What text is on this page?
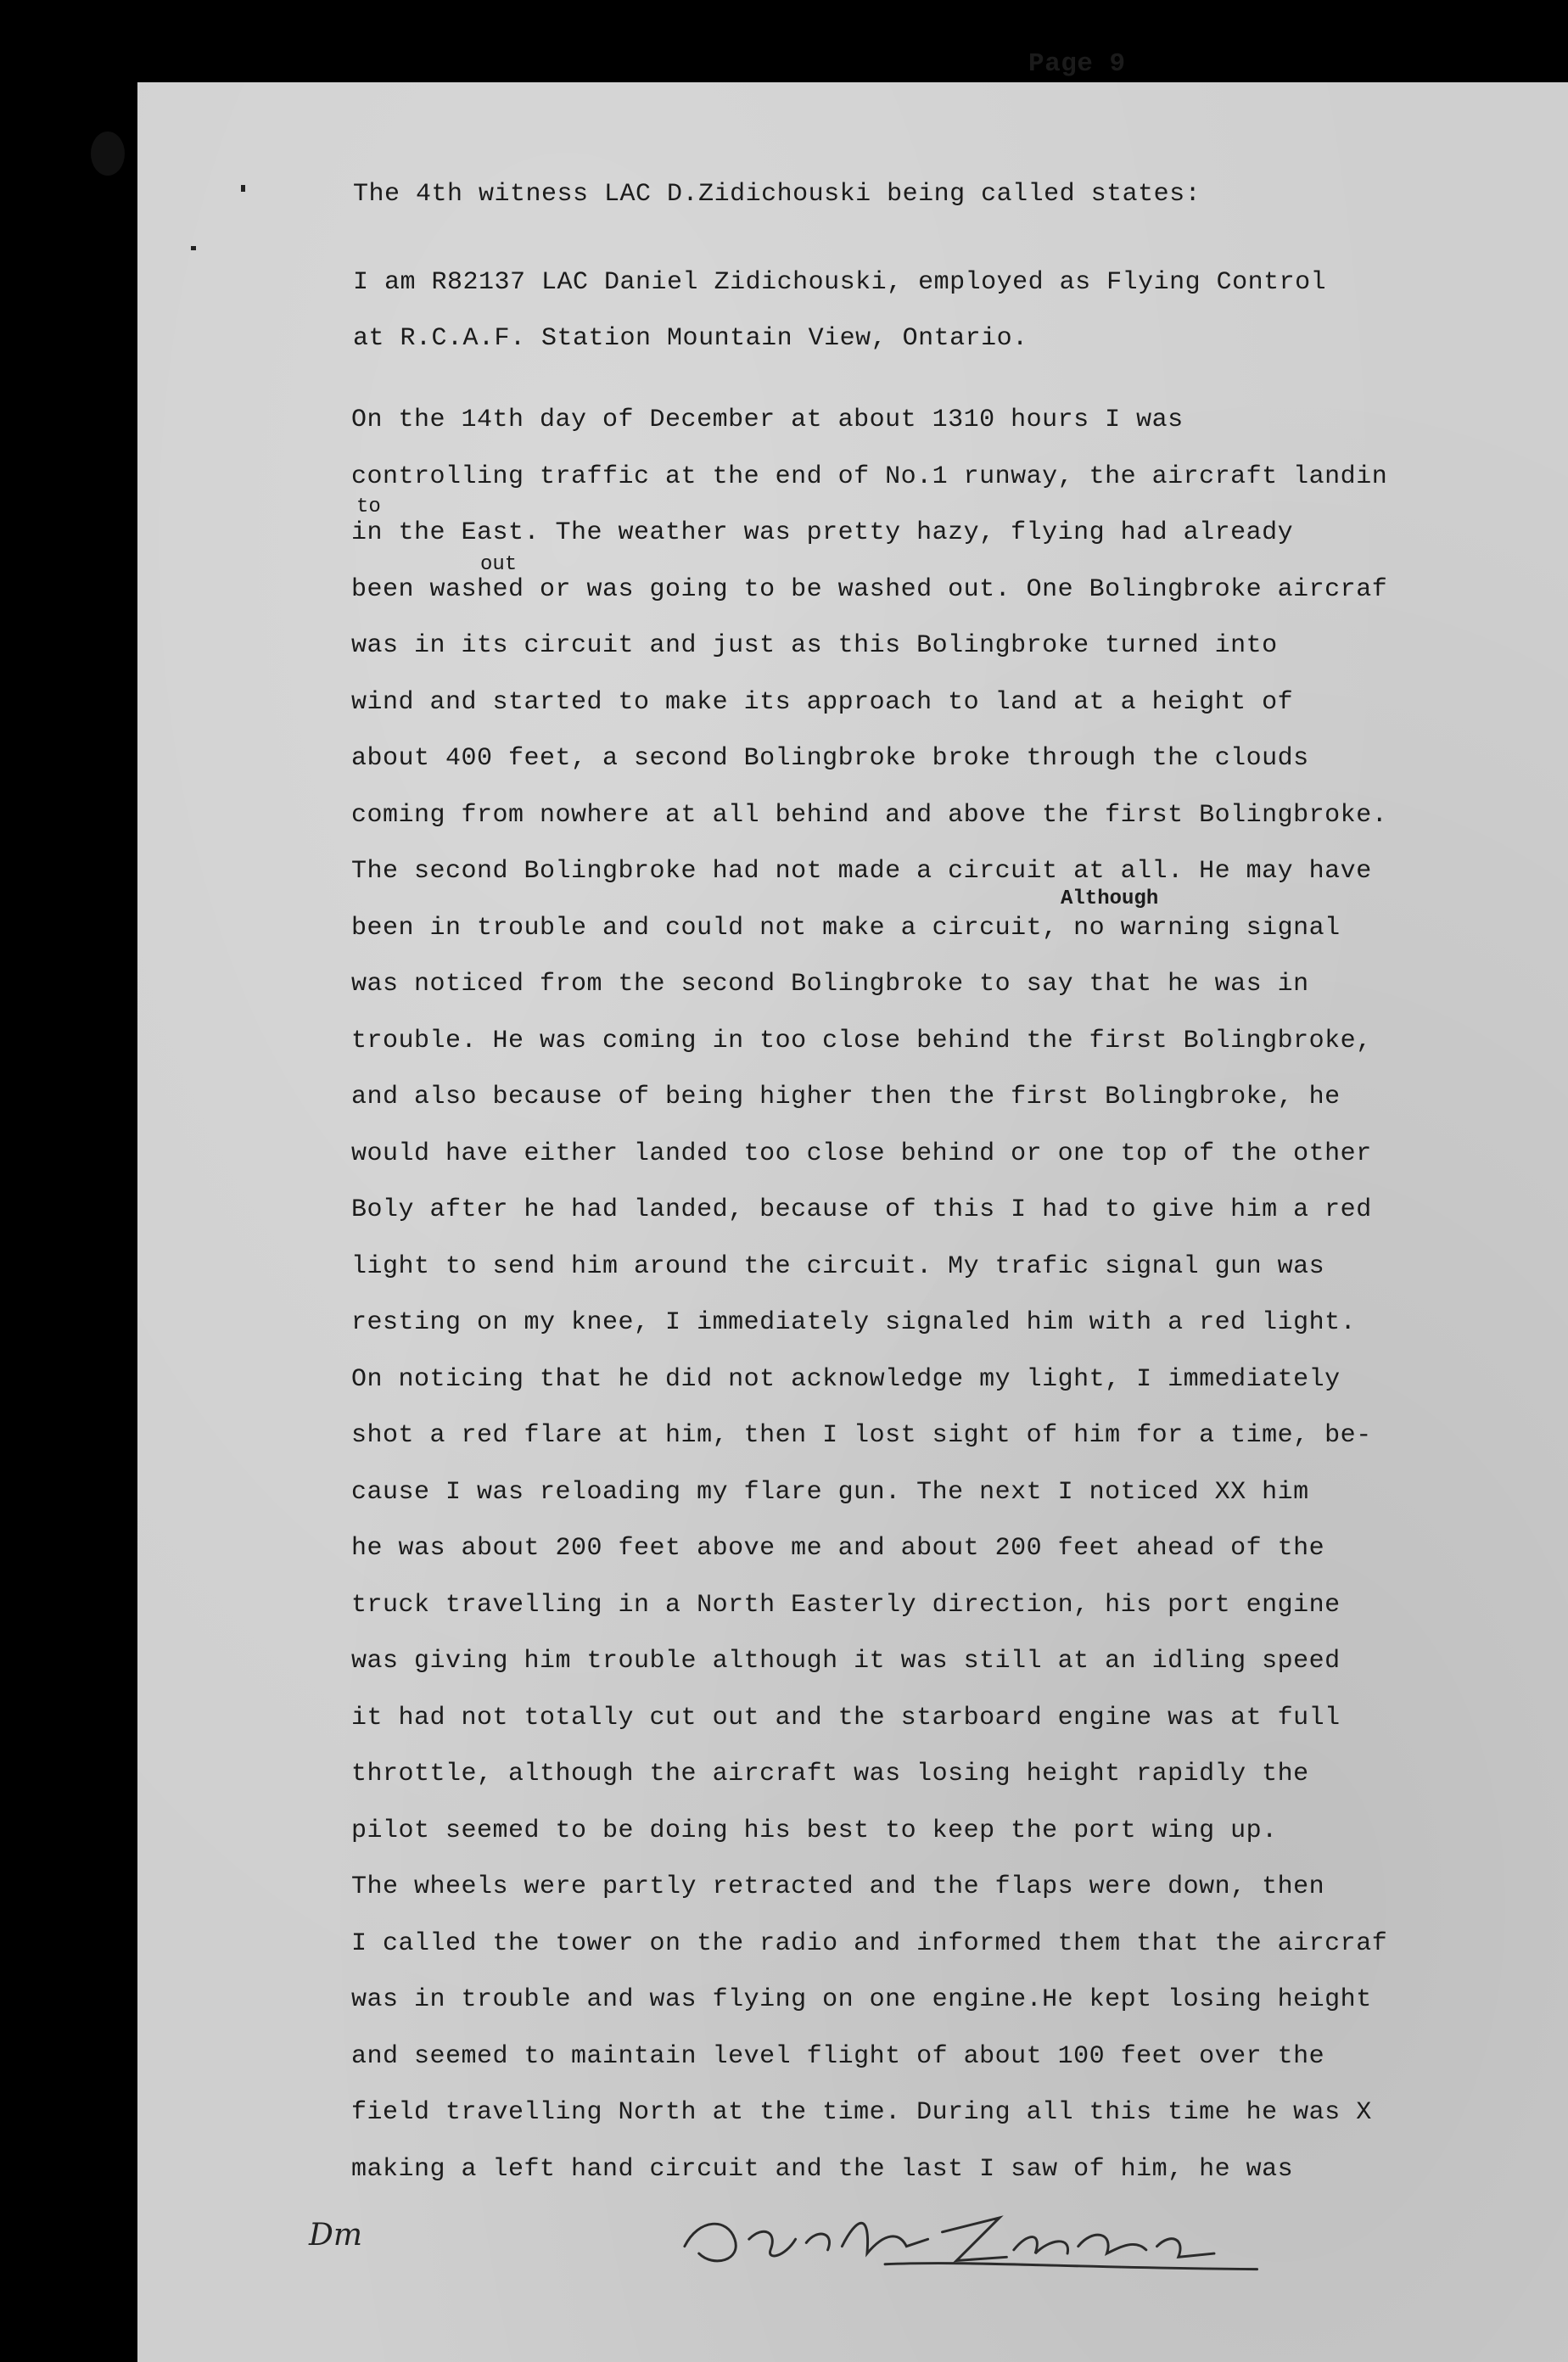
Page 9
The 4th witness LAC D.Zidichouski being called states:
I am R82137 LAC Daniel Zidichouski, employed as Flying Control
at R.C.A.F. Station Mountain View, Ontario.
On the 14th day of December at about 1310 hours I was
controlling traffic at the end of No.1 runway, the aircraft landin
in the East. The weather was pretty hazy, flying had already
been washed or was going to be washed out. One Bolingbroke aircraf
was in its circuit and just as this Bolingbroke turned into
wind and started to make its approach to land at a height of
about 400 feet, a second Bolingbroke broke through the clouds
coming from nowhere at all behind and above the first Bolingbroke.
The second Bolingbroke had not made a circuit at all. He may have
been in trouble and could not make a circuit, no warning signal
was noticed from the second Bolingbroke to say that he was in
trouble. He was coming in too close behind the first Bolingbroke,
and also because of being higher then the first Bolingbroke, he
would have either landed too close behind or one top of the other
Boly after he had landed, because of this I had to give him a red
light to send him around the circuit. My trafic signal gun was
resting on my knee, I immediately signaled him with a red light.
On noticing that he did not acknowledge my light, I immediately
shot a red flare at him, then I lost sight of him for a time, be-
cause I was reloading my flare gun. The next I noticed XX him
he was about 200 feet above me and about 200 feet ahead of the
truck travelling in a North Easterly direction, his port engine
was giving him trouble although it was still at an idling speed
it had not totally cut out and the starboard engine was at full
throttle, although the aircraft was losing height rapidly the
pilot seemed to be doing his best to keep the port wing up.
The wheels were partly retracted and the flaps were down, then
I called the tower on the radio and informed them that the aircraf
was in trouble and was flying on one engine.He kept losing height
and seemed to maintain level flight of about 100 feet over the
field travelling North at the time. During all this time he was X
making a left hand circuit and the last I saw of him, he was
to
out
Although
Dm
